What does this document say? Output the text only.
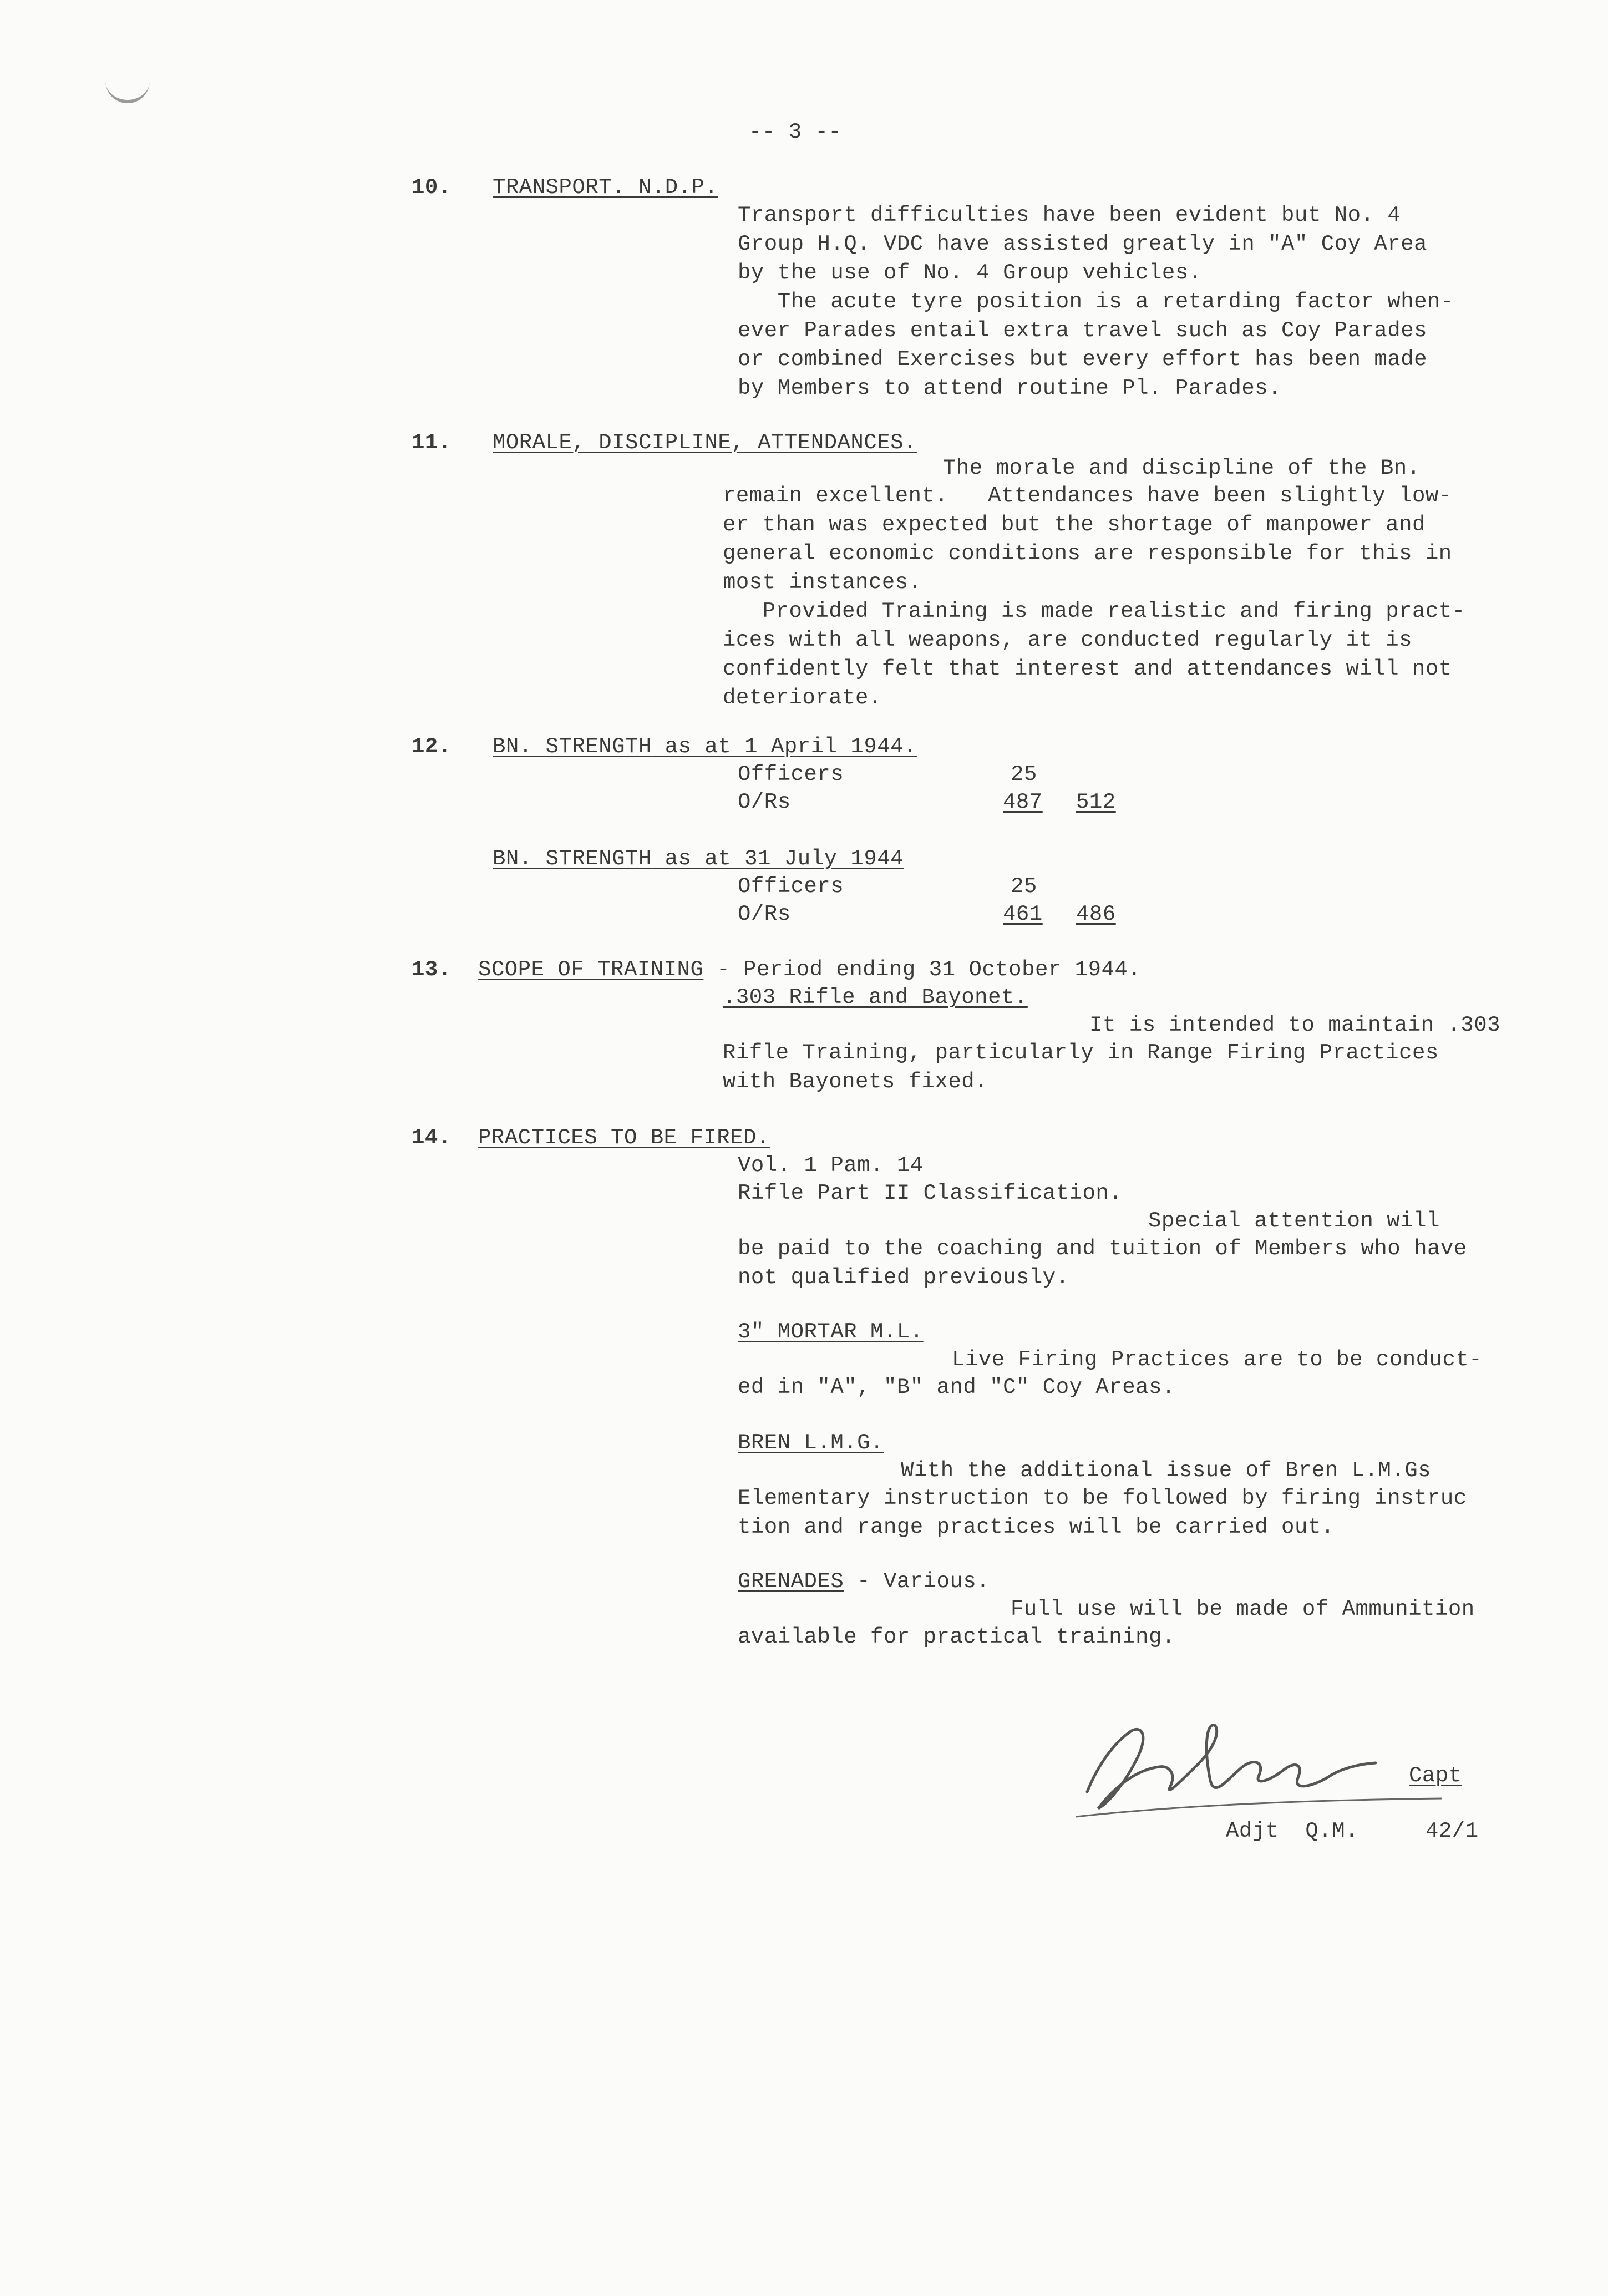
-- 3 --
10. TRANSPORT. N.D.P.
Transport difficulties have been evident but No. 4
Group H.Q. VDC have assisted greatly in "A" Coy Area
by the use of No. 4 Group vehicles.
The acute tyre position is a retarding factor when-
ever Parades entail extra travel such as Coy Parades
or combined Exercises but every effort has been made
by Members to attend routine Pl. Parades.
11. MORALE, DISCIPLINE, ATTENDANCES.
The morale and discipline of the Bn.
remain excellent.   Attendances have been slightly low-
er than was expected but the shortage of manpower and
general economic conditions are responsible for this in
most instances.
Provided Training is made realistic and firing pract-
ices with all weapons, are conducted regularly it is
confidently felt that interest and attendances will not
deteriorate.
12. BN. STRENGTH as at 1 April 1944.
Officers	25
O/Rs	487 512
BN. STRENGTH as at 31 July 1944
Officers	25
O/Rs	461 486
13. SCOPE OF TRAINING - Period ending 31 October 1944.
.303 Rifle and Bayonet.
It is intended to maintain .303
Rifle Training, particularly in Range Firing Practices
with Bayonets fixed.
14. PRACTICES TO BE FIRED.
Vol. 1 Pam. 14
Rifle Part II Classification.
Special attention will
be paid to the coaching and tuition of Members who have
not qualified previously.
3" MORTAR M.L.
Live Firing Practices are to be conduct-
ed in "A", "B" and "C" Coy Areas.
BREN L.M.G.
With the additional issue of Bren L.M.Gs
Elementary instruction to be followed by firing instruc
tion and range practices will be carried out.
GRENADES - Various.
Full use will be made of Ammunition
available for practical training.
Capt
Adjt  Q.M.	42/1
